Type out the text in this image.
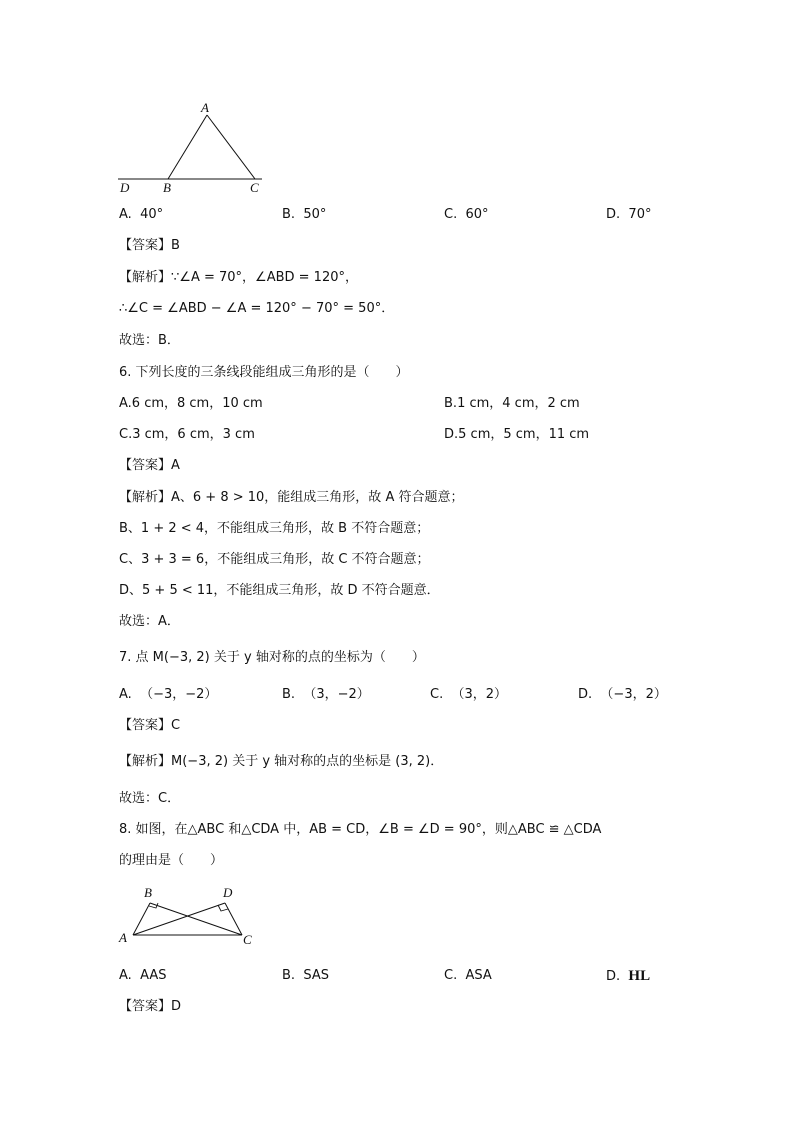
A
D	B	C
A. 40°	B. 50°	C. 60°	D. 70°
【答案】B
【解析】∵∠A = 70°，∠ABD = 120°，
∴∠C = ∠ABD − ∠A = 120° − 70° = 50°．
故选：B．
6. 下列长度的三条线段能组成三角形的是（　　）
A.6 cm，8 cm，10 cm	B.1 cm，4 cm，2 cm
C.3 cm，6 cm，3 cm	D.5 cm，5 cm，11 cm
【答案】A
【解析】A、6 + 8 > 10，能组成三角形，故 A 符合题意；
B、1 + 2 < 4，不能组成三角形，故 B 不符合题意；
C、3 + 3 = 6，不能组成三角形，故 C 不符合题意；
D、5 + 5 < 11，不能组成三角形，故 D 不符合题意．
故选：A．
7. 点 M(−3, 2) 关于 y 轴对称的点的坐标为（　　）
A. （−3，−2）	B. （3，−2）	C. （3，2）	D. （−3，2）
【答案】C
【解析】M(−3, 2) 关于 y 轴对称的点的坐标是 (3, 2)．
故选：C．
8. 如图，在△ABC 和△CDA 中，AB = CD，∠B = ∠D = 90°，则△ABC ≌ △CDA
的理由是（　　）
B	D
A	C
A. AAS	B. SAS	C. ASA	D. HL
【答案】D
